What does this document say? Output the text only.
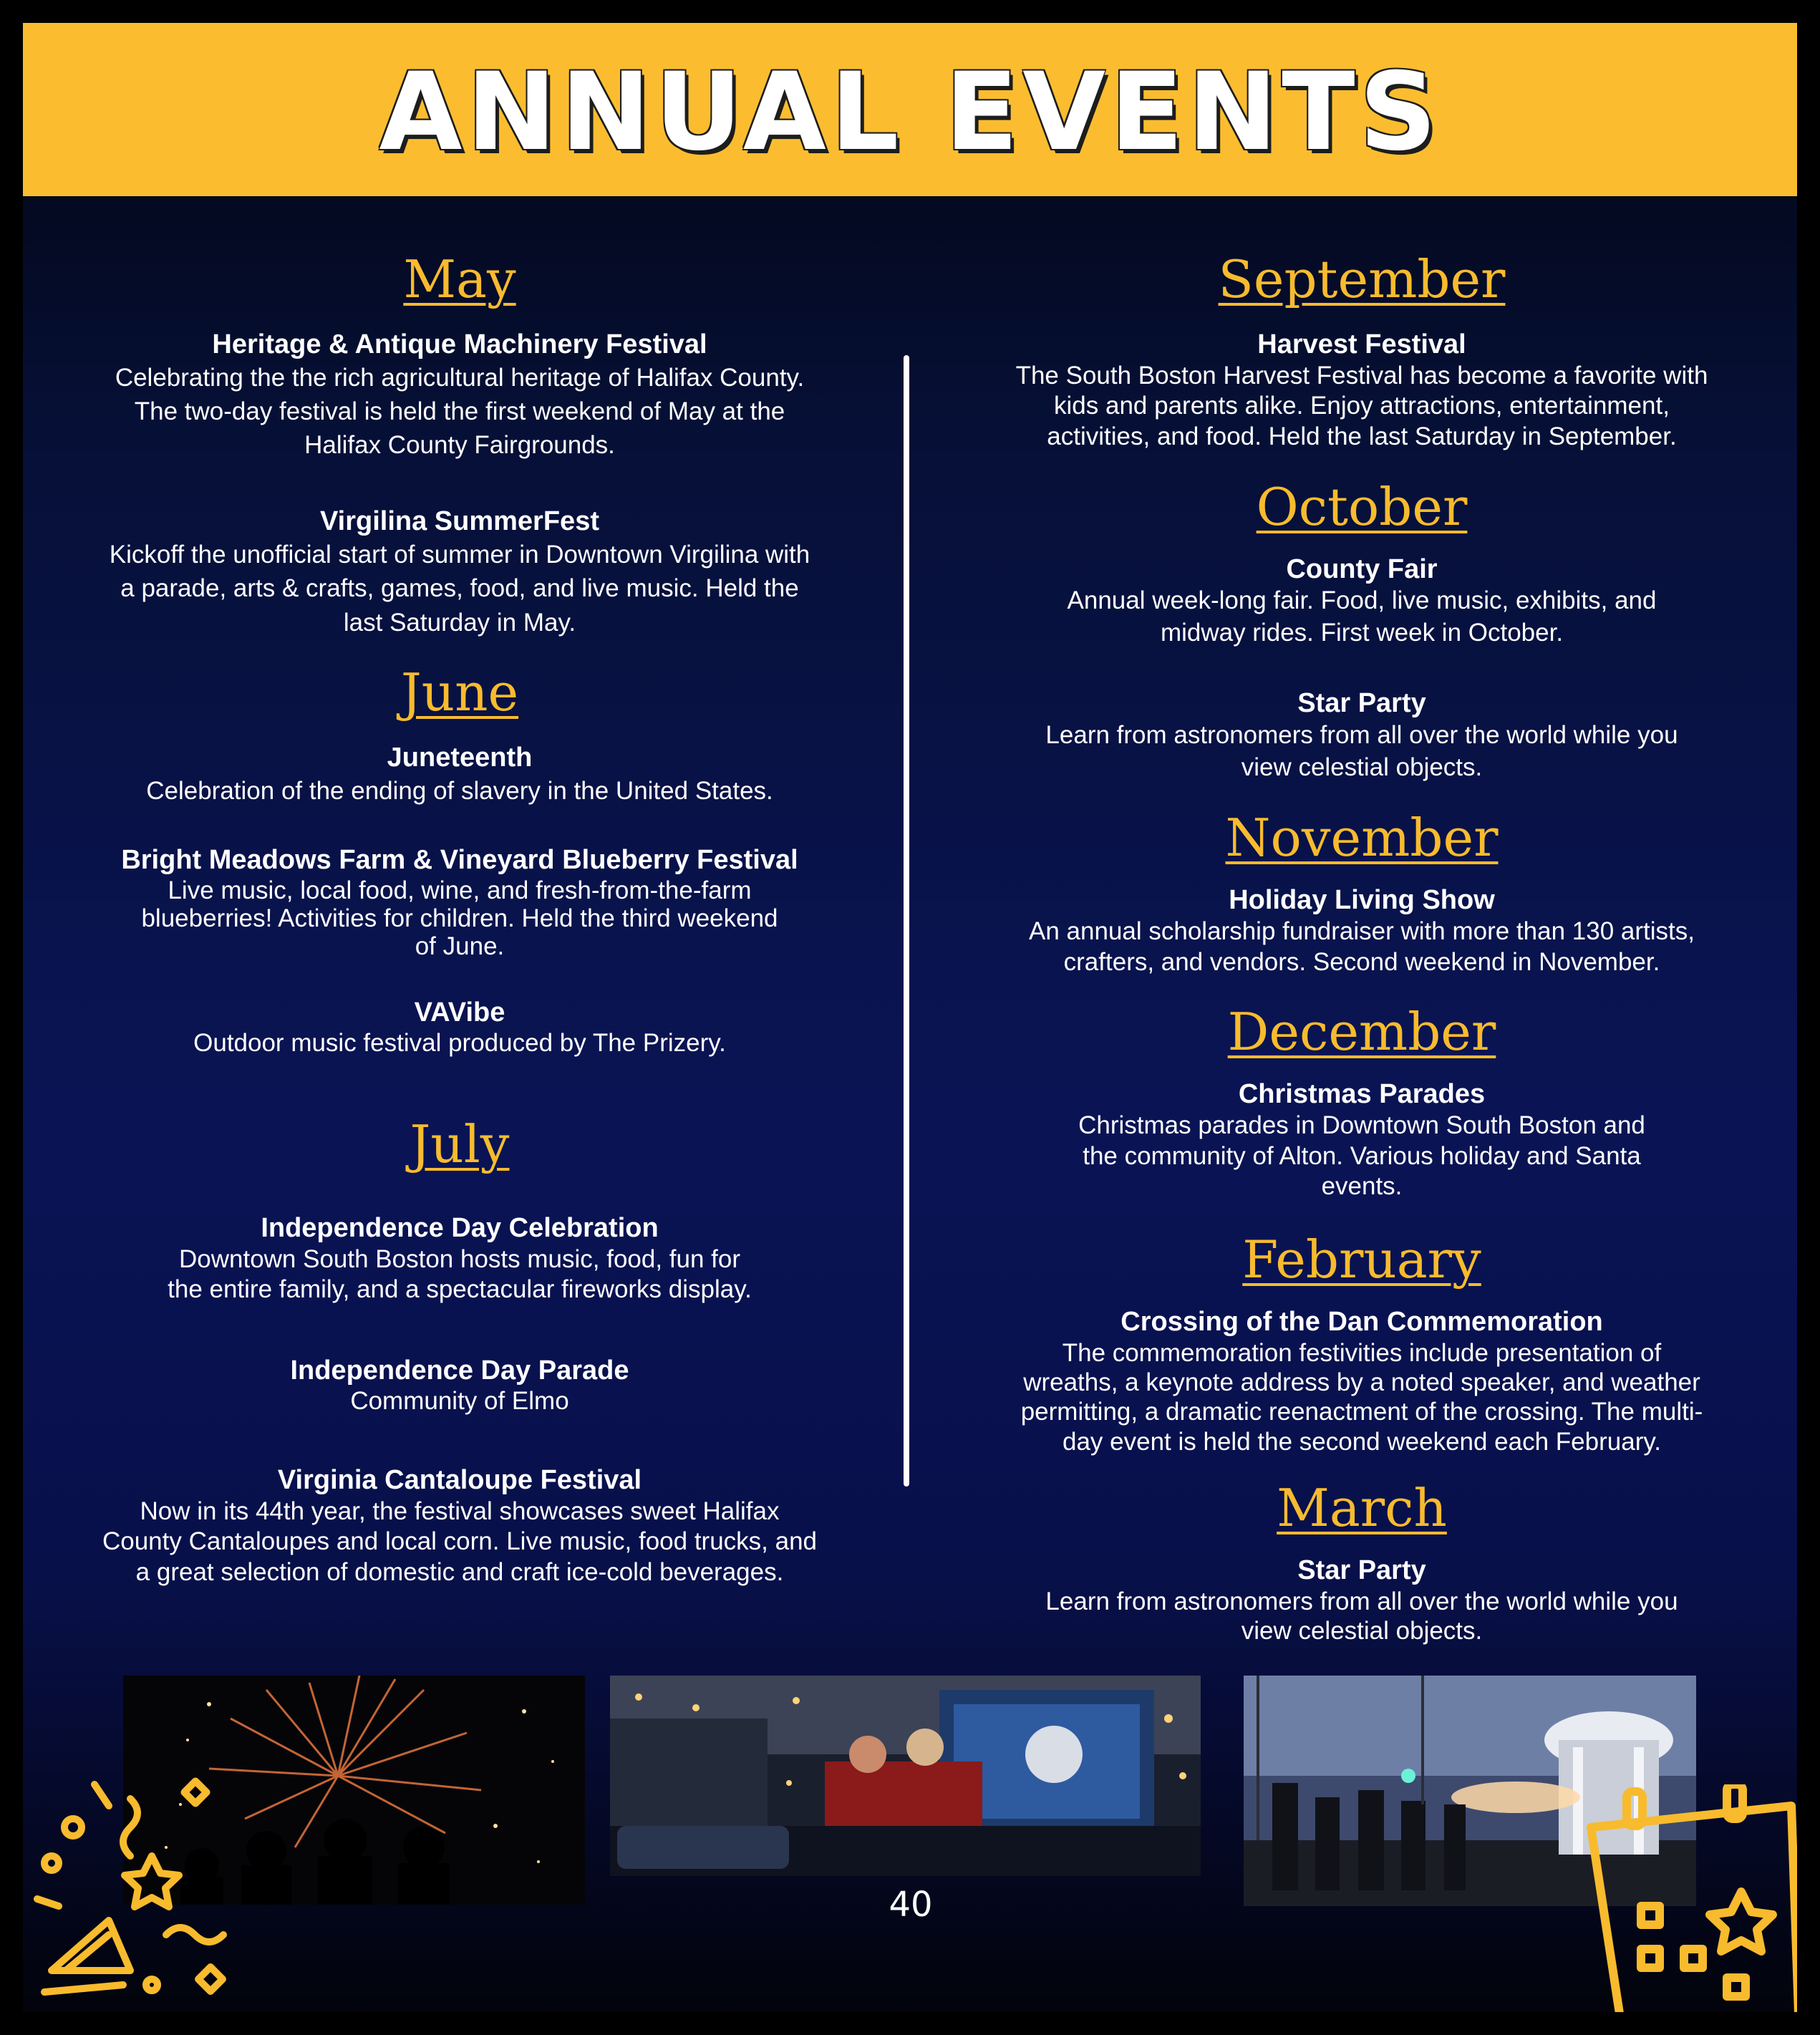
ANNUAL EVENTS
May
Heritage & Antique Machinery Festival
Celebrating the the rich agricultural heritage of Halifax County. The two-day festival is held the first weekend of May at the Halifax County Fairgrounds.
Virgilina SummerFest
Kickoff the unofficial start of summer in Downtown Virgilina with a parade, arts & crafts, games, food, and live music. Held the last Saturday in May.
June
Juneteenth
Celebration of the ending of slavery in the United States.
Bright Meadows Farm & Vineyard Blueberry Festival
Live music, local food, wine, and fresh-from-the-farm blueberries! Activities for children. Held the third weekend of June.
VAVibe
Outdoor music festival produced by The Prizery.
July
Independence Day Celebration
Downtown South Boston hosts music, food, fun for the entire family, and a spectacular fireworks display.
Independence Day Parade
Community of Elmo
Virginia Cantaloupe Festival
Now in its 44th year, the festival showcases sweet Halifax County Cantaloupes and local corn. Live music, food trucks, and a great selection of domestic and craft ice-cold beverages.
September
Harvest Festival
The South Boston Harvest Festival has become a favorite with kids and parents alike. Enjoy attractions, entertainment, activities, and food. Held the last Saturday in September.
October
County Fair
Annual week-long fair. Food, live music, exhibits, and midway rides. First week in October.
Star Party
Learn from astronomers from all over the world while you view celestial objects.
November
Holiday Living Show
An annual scholarship fundraiser with more than 130 artists, crafters, and vendors. Second weekend in November.
December
Christmas Parades
Christmas parades in Downtown South Boston and the community of Alton. Various holiday and Santa events.
February
Crossing of the Dan Commemoration
The commemoration festivities include presentation of wreaths, a keynote address by a noted speaker, and weather permitting, a dramatic reenactment of the crossing. The multi-day event is held the second weekend each February.
March
Star Party
Learn from astronomers from all over the world while you view celestial objects.
40
